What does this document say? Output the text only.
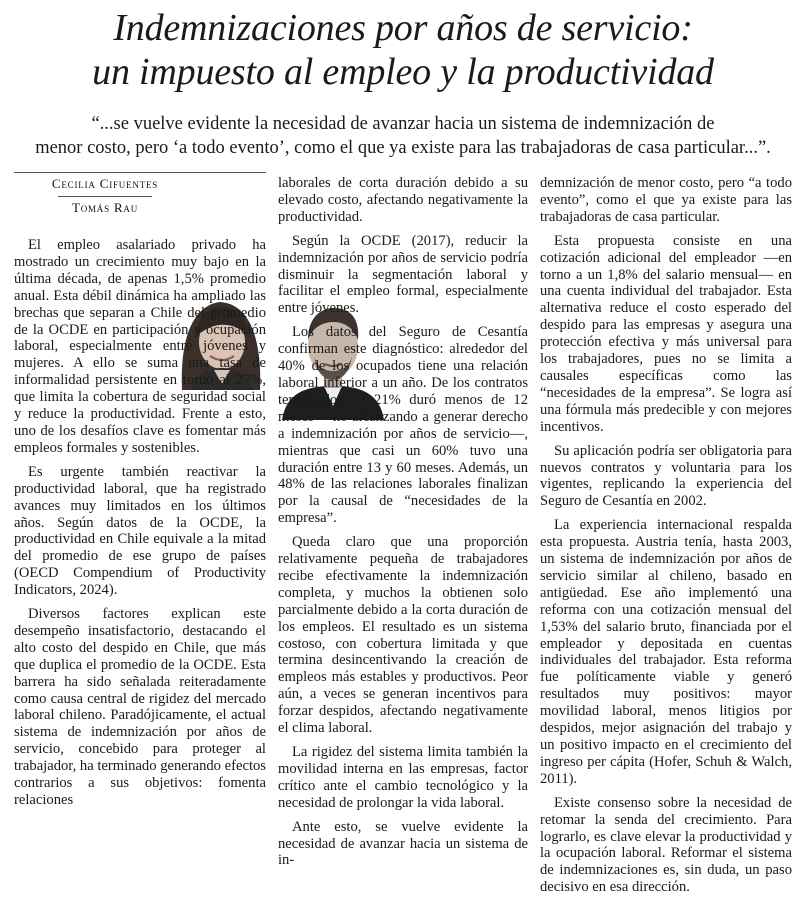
Indemnizaciones por años de servicio:
un impuesto al empleo y la productividad
“...se vuelve evidente la necesidad de avanzar hacia un sistema de indemnización de
menor costo, pero ‘a todo evento’, como el que ya existe para las trabajadoras de casa particular...”.
Cecilia Cifuentes
Tomás Rau

El empleo asalariado privado ha mostrado un crecimiento muy bajo en la última década, de apenas 1,5% promedio anual. Esta débil dinámica ha ampliado las brechas que separan a Chile del promedio de la OCDE en participación y ocupación laboral, especialmente entre jóvenes y mujeres. A ello se suma una tasa de informalidad persistente en torno al 27%, que limita la cobertura de seguridad social y reduce la productividad. Frente a esto, uno de los desafíos clave es fomentar más empleos formales y sostenibles.

Es urgente también reactivar la productividad laboral, que ha registrado avances muy limitados en los últimos años. Según datos de la OCDE, la productividad en Chile equivale a la mitad del promedio de ese grupo de países (OECD Compendium of Productivity Indicators, 2024).

Diversos factores explican este desempeño insatisfactorio, destacando el alto costo del despido en Chile, que más que duplica el promedio de la OCDE. Esta barrera ha sido señalada reiteradamente como causa central de rigidez del mercado laboral chileno. Paradójicamente, el actual sistema de indemnización por años de servicio, concebido para proteger al trabajador, ha terminado generando efectos contrarios a sus objetivos: fomenta relaciones

laborales de corta duración debido a su elevado costo, afectando negativamente la productividad.

Según la OCDE (2017), reducir la indemnización por años de servicio podría disminuir la segmentación laboral y facilitar el empleo formal, especialmente entre jóvenes.

Los datos del Seguro de Cesantía confirman este diagnóstico: alrededor del 40% de los ocupados tiene una relación laboral inferior a un año. De los contratos terminados, el 21% duró menos de 12 meses —no alcanzando a generar derecho a indemnización por años de servicio—, mientras que casi un 60% tuvo una duración entre 13 y 60 meses. Además, un 48% de las relaciones laborales finalizan por la causal de “necesidades de la empresa”.

Queda claro que una proporción relativamente pequeña de trabajadores recibe efectivamente la indemnización completa, y muchos la obtienen solo parcialmente debido a la corta duración de los empleos. El resultado es un sistema costoso, con cobertura limitada y que termina desincentivando la creación de empleos más estables y productivos. Peor aún, a veces se generan incentivos para forzar despidos, afectando negativamente el clima laboral.

La rigidez del sistema limita también la movilidad interna en las empresas, factor crítico ante el cambio tecnológico y la necesidad de prolongar la vida laboral.

Ante esto, se vuelve evidente la necesidad de avanzar hacia un sistema de in-

demnización de menor costo, pero “a todo evento”, como el que ya existe para las trabajadoras de casa particular.

Esta propuesta consiste en una cotización adicional del empleador —en torno a un 1,8% del salario mensual— en una cuenta individual del trabajador. Esta alternativa reduce el costo esperado del despido para las empresas y asegura una protección efectiva y más universal para los trabajadores, pues no se limita a causales específicas como las “necesidades de la empresa”. Se logra así una fórmula más predecible y con mejores incentivos.

Su aplicación podría ser obligatoria para nuevos contratos y voluntaria para los vigentes, replicando la experiencia del Seguro de Cesantía en 2002.

La experiencia internacional respalda esta propuesta. Austria tenía, hasta 2003, un sistema de indemnización por años de servicio similar al chileno, basado en antigüedad. Ese año implementó una reforma con una cotización mensual del 1,53% del salario bruto, financiada por el empleador y depositada en cuentas individuales del trabajador. Esta reforma fue políticamente viable y generó resultados muy positivos: mayor movilidad laboral, menos litigios por despidos, mejor asignación del trabajo y un positivo impacto en el crecimiento del ingreso per cápita (Hofer, Schuh & Walch, 2011).

Existe consenso sobre la necesidad de retomar la senda del crecimiento. Para lograrlo, es clave elevar la productividad y la ocupación laboral. Reformar el sistema de indemnizaciones es, sin duda, un paso decisivo en esa dirección.
